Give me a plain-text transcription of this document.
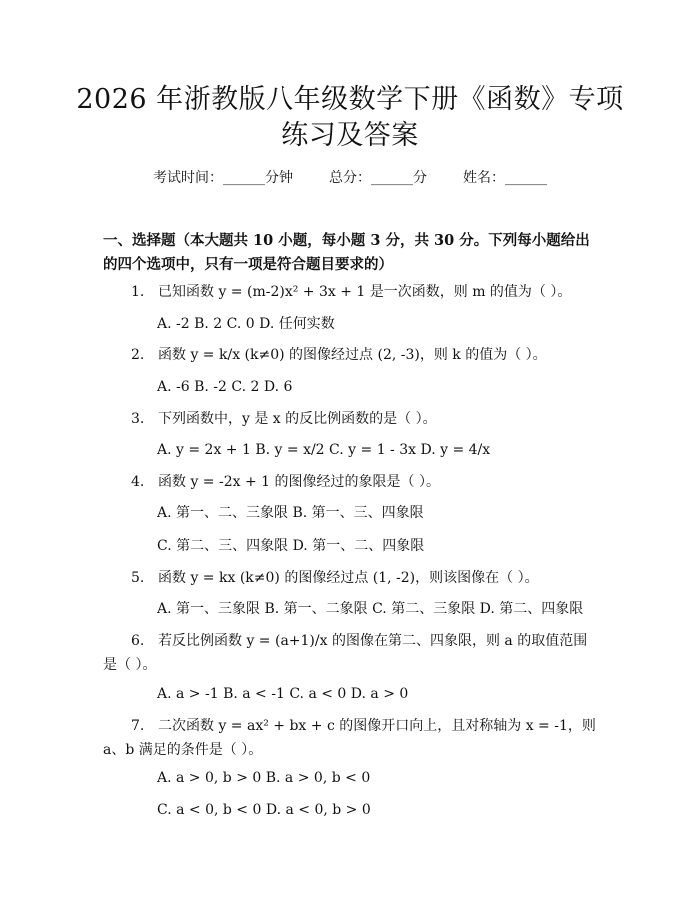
2026 年浙教版八年级数学下册《函数》专项
练习及答案
考试时间：______分钟	总分：______分	姓名：______
一、选择题（本大题共 10 小题，每小题 3 分，共 30 分。下列每小题给出的四个选项中，只有一项是符合题目要求的）
1. 已知函数 y = (m-2)x² + 3x + 1 是一次函数，则 m 的值为（ ）。
A. -2 B. 2 C. 0 D. 任何实数
2. 函数 y = k/x (k≠0) 的图像经过点 (2, -3)，则 k 的值为（ ）。
A. -6 B. -2 C. 2 D. 6
3. 下列函数中，y 是 x 的反比例函数的是（ ）。
A. y = 2x + 1 B. y = x/2 C. y = 1 - 3x D. y = 4/x
4. 函数 y = -2x + 1 的图像经过的象限是（ ）。
A. 第一、二、三象限 B. 第一、三、四象限
C. 第二、三、四象限 D. 第一、二、四象限
5. 函数 y = kx (k≠0) 的图像经过点 (1, -2)，则该图像在（ ）。
A. 第一、三象限 B. 第一、二象限 C. 第二、三象限 D. 第二、四象限
6. 若反比例函数 y = (a+1)/x 的图像在第二、四象限，则 a 的取值范围是（ ）。
A. a > -1 B. a < -1 C. a < 0 D. a > 0
7. 二次函数 y = ax² + bx + c 的图像开口向上，且对称轴为 x = -1，则 a、b 满足的条件是（ ）。
A. a > 0, b > 0 B. a > 0, b < 0
C. a < 0, b < 0 D. a < 0, b > 0
